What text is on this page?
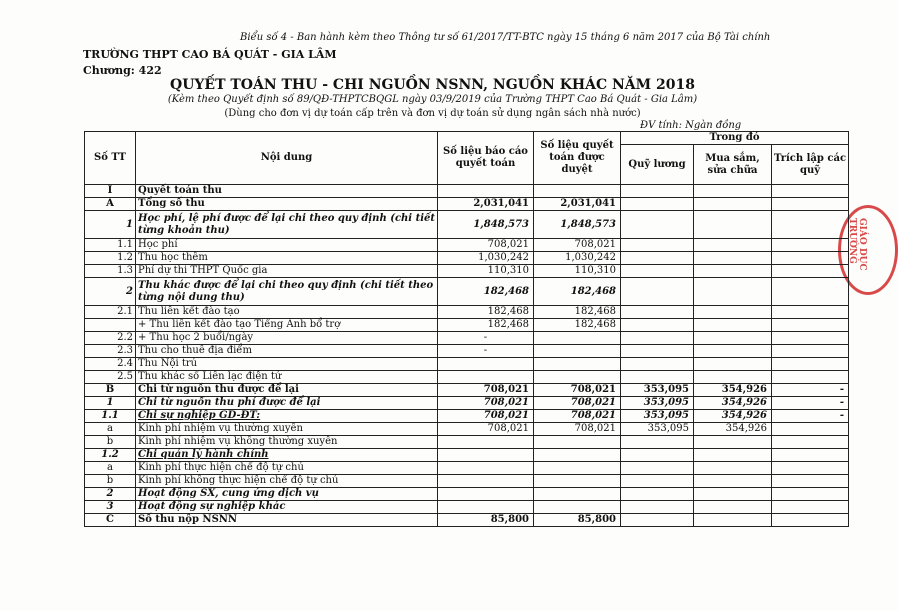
Biểu số 4 - Ban hành kèm theo Thông tư số 61/2017/TT-BTC ngày 15 tháng 6 năm 2017 của Bộ Tài chính
TRƯỜNG THPT CAO BÁ QUÁT - GIA LÂM
Chương: 422
QUYẾT TOÁN THU - CHI NGUỒN NSNN, NGUỒN KHÁC NĂM 2018
(Kèm theo Quyết định số 89/QĐ-THPTCBQGL ngày 03/9/2019 của Trường THPT Cao Bá Quát - Gia Lâm)
(Dùng cho đơn vị dự toán cấp trên và đơn vị dự toán sử dụng ngân sách nhà nước)
ĐV tính: Ngàn đồng
GIÁO DỤC TRƯỜNG
Số TT	Nội dung	Số liệu báo cáo quyết toán	Số liệu quyết toán được duyệt	Trong đó		
				Quỹ lương	Mua sắm, sửa chữa	Trích lập các quỹ
I	Quyết toán thu					
A	Tổng số thu	2,031,041	2,031,041			
1	Học phí, lệ phí được để lại chi theo quy định (chi tiết từng khoản thu)	1,848,573	1,848,573			
1.1	Học phí	708,021	708,021			
1.2	Thu học thêm	1,030,242	1,030,242			
1.3	Phí dự thi THPT Quốc gia	110,310	110,310			
2	Thu khác được để lại chi theo quy định (chi tiết theo từng nội dung thu)	182,468	182,468			
2.1	Thu liên kết đào tạo	182,468	182,468			
	+ Thu liên kết đào tạo Tiếng Anh bổ trợ	182,468	182,468			
2.2	+ Thu học 2 buổi/ngày	-				
2.3	Thu cho thuê địa điểm	-				
2.4	Thu Nội trú					
2.5	Thu khác số Liên lạc điện tử					
B	Chi từ nguồn thu được để lại	708,021	708,021	353,095	354,926	-
1	Chi từ nguồn thu phí được để lại	708,021	708,021	353,095	354,926	-
1.1	Chi sự nghiệp GD-ĐT:	708,021	708,021	353,095	354,926	-
a	Kinh phí nhiệm vụ thường xuyên	708,021	708,021	353,095	354,926	
b	Kinh phí nhiệm vụ không thường xuyên					
1.2	Chi quản lý hành chính					
a	Kinh phí thực hiện chế độ tự chủ					
b	Kinh phí không thực hiện chế độ tự chủ					
2	Hoạt động SX, cung ứng dịch vụ					
3	Hoạt động sự nghiệp khác					
C	Số thu nộp NSNN	85,800	85,800			
